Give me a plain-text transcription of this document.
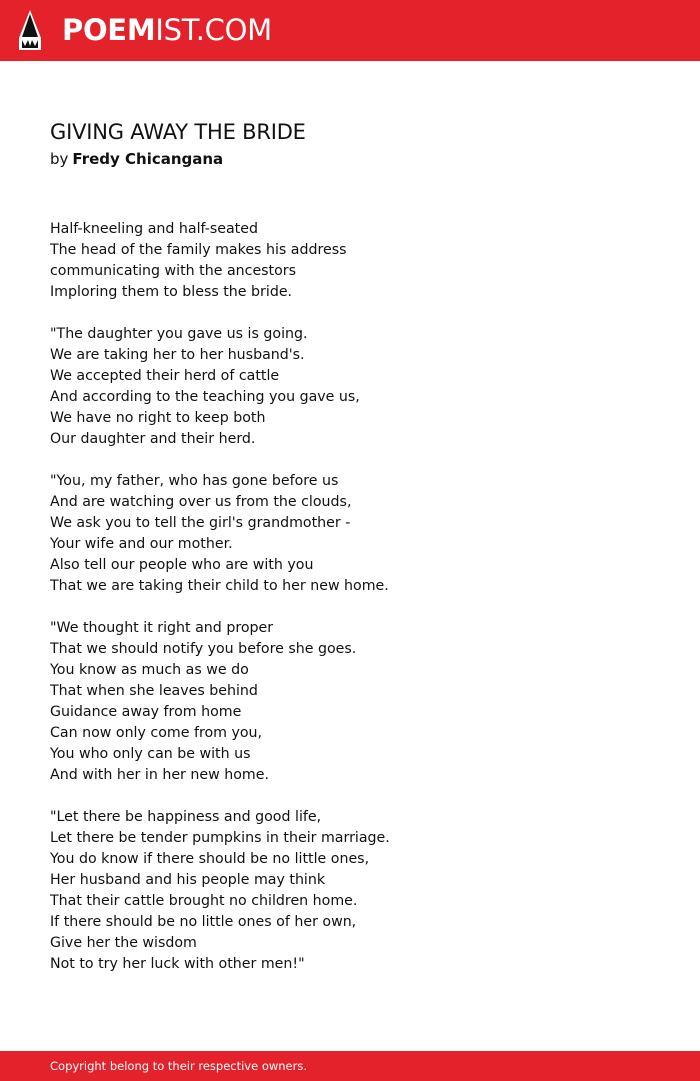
POEMIST.COM
GIVING AWAY THE BRIDE
by Fredy Chicangana
Half-kneeling and half-seated
The head of the family makes his address
communicating with the ancestors
Imploring them to bless the bride.
"The daughter you gave us is going.
We are taking her to her husband's.
We accepted their herd of cattle
And according to the teaching you gave us,
We have no right to keep both
Our daughter and their herd.
"You, my father, who has gone before us
And are watching over us from the clouds,
We ask you to tell the girl's grandmother -
Your wife and our mother.
Also tell our people who are with you
That we are taking their child to her new home.
"We thought it right and proper
That we should notify you before she goes.
You know as much as we do
That when she leaves behind
Guidance away from home
Can now only come from you,
You who only can be with us
And with her in her new home.
"Let there be happiness and good life,
Let there be tender pumpkins in their marriage.
You do know if there should be no little ones,
Her husband and his people may think
That their cattle brought no children home.
If there should be no little ones of her own,
Give her the wisdom
Not to try her luck with other men!"
Copyright belong to their respective owners.
